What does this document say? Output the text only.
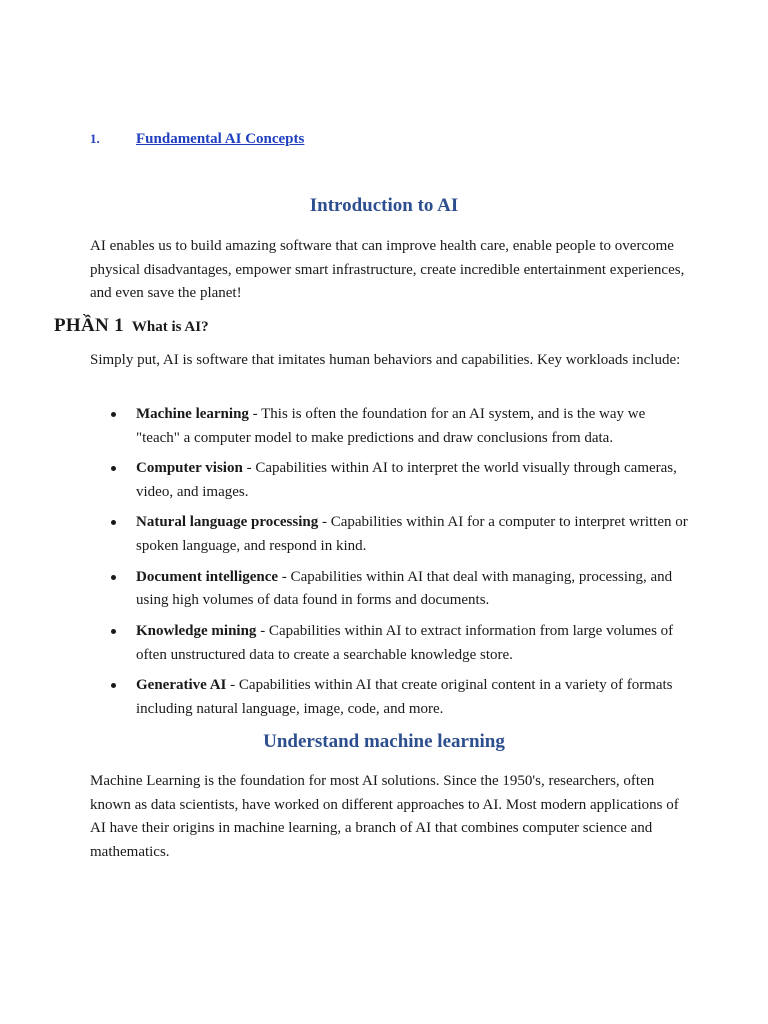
1. Fundamental AI Concepts
Introduction to AI

AI enables us to build amazing software that can improve health care, enable people to overcome physical disadvantages, empower smart infrastructure, create incredible entertainment experiences, and even save the planet!

PHẦN 1 What is AI?

Simply put, AI is software that imitates human behaviors and capabilities. Key workloads include:

Machine learning - This is often the foundation for an AI system, and is the way we "teach" a computer model to make predictions and draw conclusions from data.
Computer vision - Capabilities within AI to interpret the world visually through cameras, video, and images.
Natural language processing - Capabilities within AI for a computer to interpret written or spoken language, and respond in kind.
Document intelligence - Capabilities within AI that deal with managing, processing, and using high volumes of data found in forms and documents.
Knowledge mining - Capabilities within AI to extract information from large volumes of often unstructured data to create a searchable knowledge store.
Generative AI - Capabilities within AI that create original content in a variety of formats including natural language, image, code, and more.
Understand machine learning

Machine Learning is the foundation for most AI solutions. Since the 1950's, researchers, often known as data scientists, have worked on different approaches to AI. Most modern applications of AI have their origins in machine learning, a branch of AI that combines computer science and mathematics.
